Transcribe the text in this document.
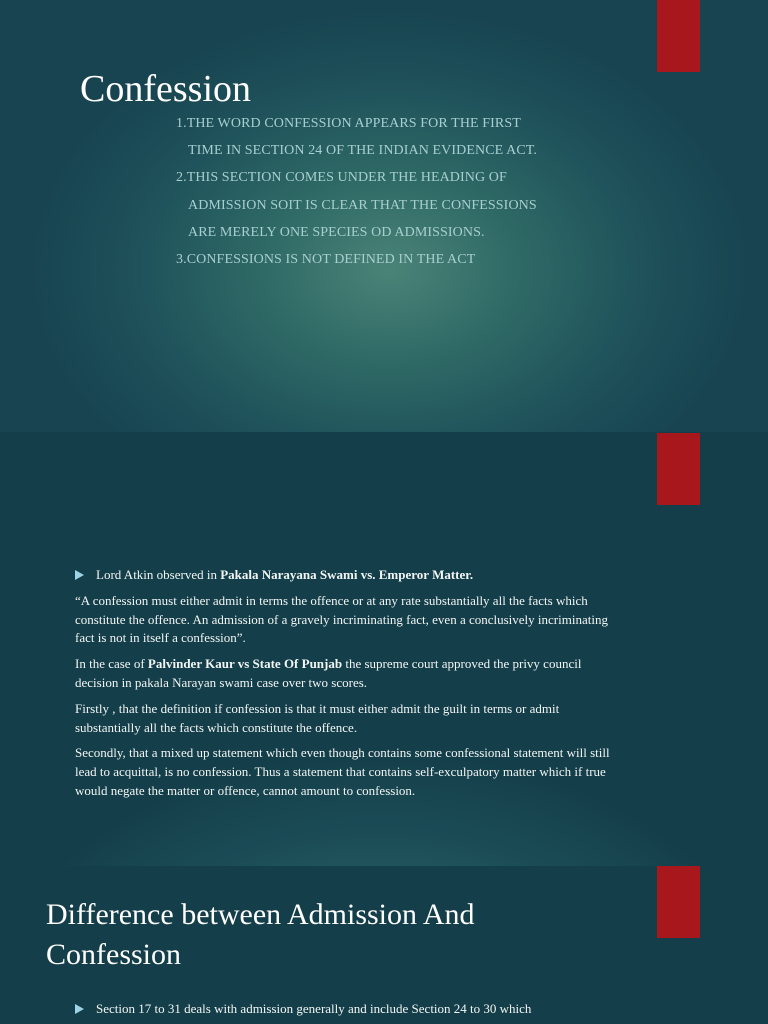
Confession
1.THE WORD CONFESSION APPEARS FOR THE FIRST
TIME IN SECTION 24 OF THE INDIAN EVIDENCE ACT.
2.THIS SECTION COMES UNDER THE HEADING OF
ADMISSION SOIT IS CLEAR THAT THE CONFESSIONS
ARE MERELY ONE SPECIES OD ADMISSIONS.
3.CONFESSIONS IS NOT DEFINED IN THE ACT

Lord Atkin observed in Pakala Narayana Swami vs. Emperor Matter.

“A confession must either admit in terms the offence or at any rate substantially all the facts which constitute the offence. An admission of a gravely incriminating fact, even a conclusively incriminating fact is not in itself a confession”.

In the case of Palvinder Kaur vs State Of Punjab the supreme court approved the privy council decision in pakala Narayan swami case over two scores.

Firstly , that the definition if confession is that it must either admit the guilt in terms or admit substantially all the facts which constitute the offence.

Secondly, that a mixed up statement which even though contains some confessional statement will still lead to acquittal, is no confession. Thus a statement that contains self-exculpatory matter which if true would negate the matter or offence, cannot amount to confession.

Difference between Admission And
Confession

Section 17 to 31 deals with admission generally and include Section 24 to 30 which
